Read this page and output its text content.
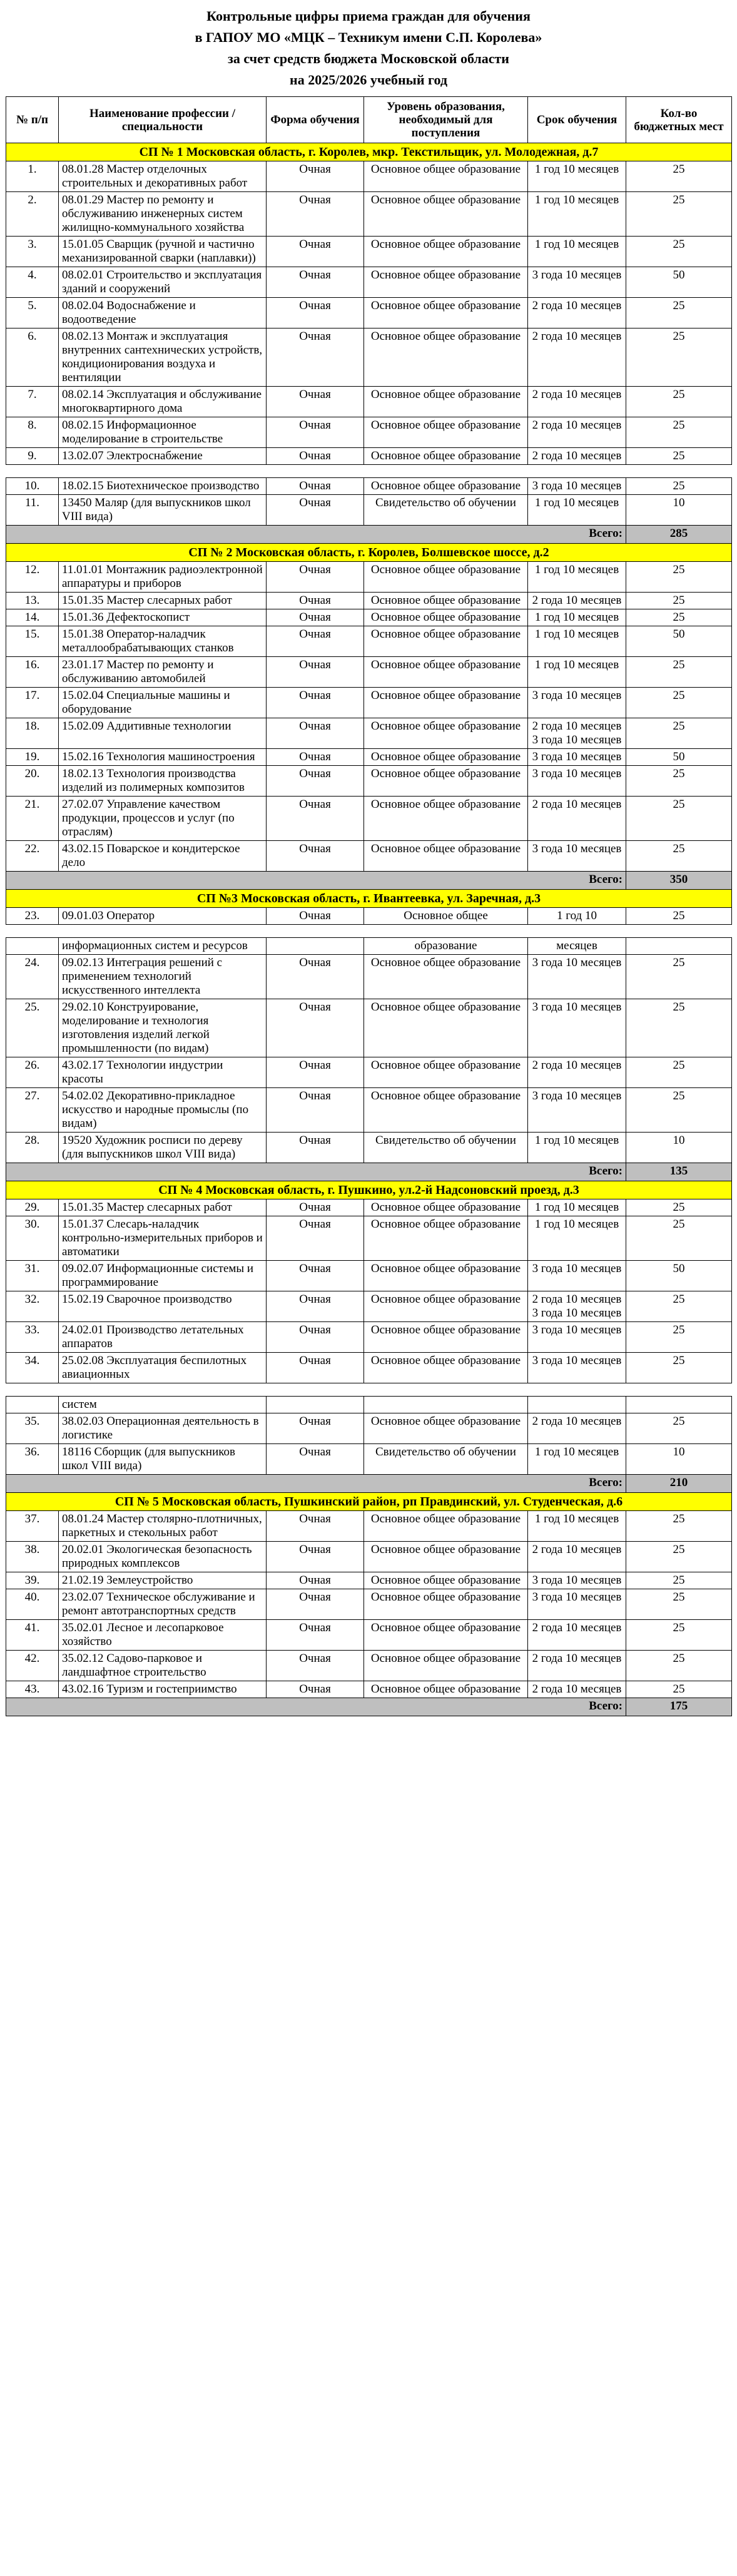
Контрольные цифры приема граждан для обучения
в ГАПОУ МО «МЦК – Техникум имени С.П. Королева»
за счет средств бюджета Московской области
на 2025/2026 учебный год
№ п/п	Наименование профессии / специальности	Форма обучения	Уровень образования, необходимый для поступления	Срок обучения	Кол-во бюджетных мест
СП № 1 Московская область, г. Королев, мкр. Текстильщик, ул. Молодежная, д.7					
1.	08.01.28 Мастер отделочных строительных и декоративных работ	Очная	Основное общее образование	1 год 10 месяцев	25
2.	08.01.29 Мастер по ремонту и обслуживанию инженерных систем жилищно-коммунального хозяйства	Очная	Основное общее образование	1 год 10 месяцев	25
3.	15.01.05 Сварщик (ручной и частично механизированной сварки (наплавки))	Очная	Основное общее образование	1 год 10 месяцев	25
4.	08.02.01 Строительство и эксплуатация зданий и сооружений	Очная	Основное общее образование	3 года 10 месяцев	50
5.	08.02.04 Водоснабжение и водоотведение	Очная	Основное общее образование	2 года 10 месяцев	25
6.	08.02.13 Монтаж и эксплуатация внутренних сантехнических устройств, кондиционирования воздуха и вентиляции	Очная	Основное общее образование	2 года 10 месяцев	25
7.	08.02.14 Эксплуатация и обслуживание многоквартирного дома	Очная	Основное общее образование	2 года 10 месяцев	25
8.	08.02.15 Информационное моделирование в строительстве	Очная	Основное общее образование	2 года 10 месяцев	25
9.	13.02.07 Электроснабжение	Очная	Основное общее образование	2 года 10 месяцев	25

10.	18.02.15 Биотехническое производство	Очная	Основное общее образование	3 года 10 месяцев	25
11.	13450 Маляр (для выпускников школ VIII вида)	Очная	Свидетельство об обучении	1 год 10 месяцев	10
Всего:					285
СП № 2 Московская область, г. Королев, Болшевское шоссе, д.2					
12.	11.01.01 Монтажник радиоэлектронной аппаратуры и приборов	Очная	Основное общее образование	1 год 10 месяцев	25
13.	15.01.35 Мастер слесарных работ	Очная	Основное общее образование	2 года 10 месяцев	25
14.	15.01.36 Дефектоскопист	Очная	Основное общее образование	1 год 10 месяцев	25
15.	15.01.38 Оператор-наладчик металлообрабатывающих станков	Очная	Основное общее образование	1 год 10 месяцев	50
16.	23.01.17 Мастер по ремонту и обслуживанию автомобилей	Очная	Основное общее образование	1 год 10 месяцев	25
17.	15.02.04 Специальные машины и оборудование	Очная	Основное общее образование	3 года 10 месяцев	25
18.	15.02.09 Аддитивные технологии	Очная	Основное общее образование	2 года 10 месяцев 3 года 10 месяцев	25
19.	15.02.16 Технология машиностроения	Очная	Основное общее образование	3 года 10 месяцев	50
20.	18.02.13 Технология производства изделий из полимерных композитов	Очная	Основное общее образование	3 года 10 месяцев	25
21.	27.02.07 Управление качеством продукции, процессов и услуг (по отраслям)	Очная	Основное общее образование	2 года 10 месяцев	25
22.	43.02.15 Поварское и кондитерское дело	Очная	Основное общее образование	3 года 10 месяцев	25
Всего:					350
СП №3 Московская область, г. Ивантеевка, ул. Заречная, д.3					
23.	09.01.03 Оператор	Очная	Основное общее	1 год 10	25

	информационных систем и ресурсов		образование	месяцев	
24.	09.02.13 Интеграция решений с применением технологий искусственного интеллекта	Очная	Основное общее образование	3 года 10 месяцев	25
25.	29.02.10 Конструирование, моделирование и технология изготовления изделий легкой промышленности (по видам)	Очная	Основное общее образование	3 года 10 месяцев	25
26.	43.02.17 Технологии индустрии красоты	Очная	Основное общее образование	2 года 10 месяцев	25
27.	54.02.02 Декоративно-прикладное искусство и народные промыслы (по видам)	Очная	Основное общее образование	3 года 10 месяцев	25
28.	19520 Художник росписи по дереву (для выпускников школ VIII вида)	Очная	Свидетельство об обучении	1 год 10 месяцев	10
Всего:					135
СП № 4 Московская область, г. Пушкино, ул.2-й Надсоновский проезд, д.3					
29.	15.01.35 Мастер слесарных работ	Очная	Основное общее образование	1 год 10 месяцев	25
30.	15.01.37 Слесарь-наладчик контрольно-измерительных приборов и автоматики	Очная	Основное общее образование	1 год 10 месяцев	25
31.	09.02.07 Информационные системы и программирование	Очная	Основное общее образование	3 года 10 месяцев	50
32.	15.02.19 Сварочное производство	Очная	Основное общее образование	2 года 10 месяцев 3 года 10 месяцев	25
33.	24.02.01 Производство летательных аппаратов	Очная	Основное общее образование	3 года 10 месяцев	25
34.	25.02.08 Эксплуатация беспилотных авиационных	Очная	Основное общее образование	3 года 10 месяцев	25

	систем				
35.	38.02.03 Операционная деятельность в логистике	Очная	Основное общее образование	2 года 10 месяцев	25
36.	18116 Сборщик (для выпускников школ VIII вида)	Очная	Свидетельство об обучении	1 год 10 месяцев	10
Всего:					210
СП № 5 Московская область, Пушкинский район, рп Правдинский, ул. Студенческая, д.6					
37.	08.01.24 Мастер столярно-плотничных, паркетных и стекольных работ	Очная	Основное общее образование	1 год 10 месяцев	25
38.	20.02.01 Экологическая безопасность природных комплексов	Очная	Основное общее образование	2 года 10 месяцев	25
39.	21.02.19 Землеустройство	Очная	Основное общее образование	3 года 10 месяцев	25
40.	23.02.07 Техническое обслуживание и ремонт автотранспортных средств	Очная	Основное общее образование	3 года 10 месяцев	25
41.	35.02.01 Лесное и лесопарковое хозяйство	Очная	Основное общее образование	2 года 10 месяцев	25
42.	35.02.12 Садово-парковое и ландшафтное строительство	Очная	Основное общее образование	2 года 10 месяцев	25
43.	43.02.16 Туризм и гостеприимство	Очная	Основное общее образование	2 года 10 месяцев	25
Всего:					175
